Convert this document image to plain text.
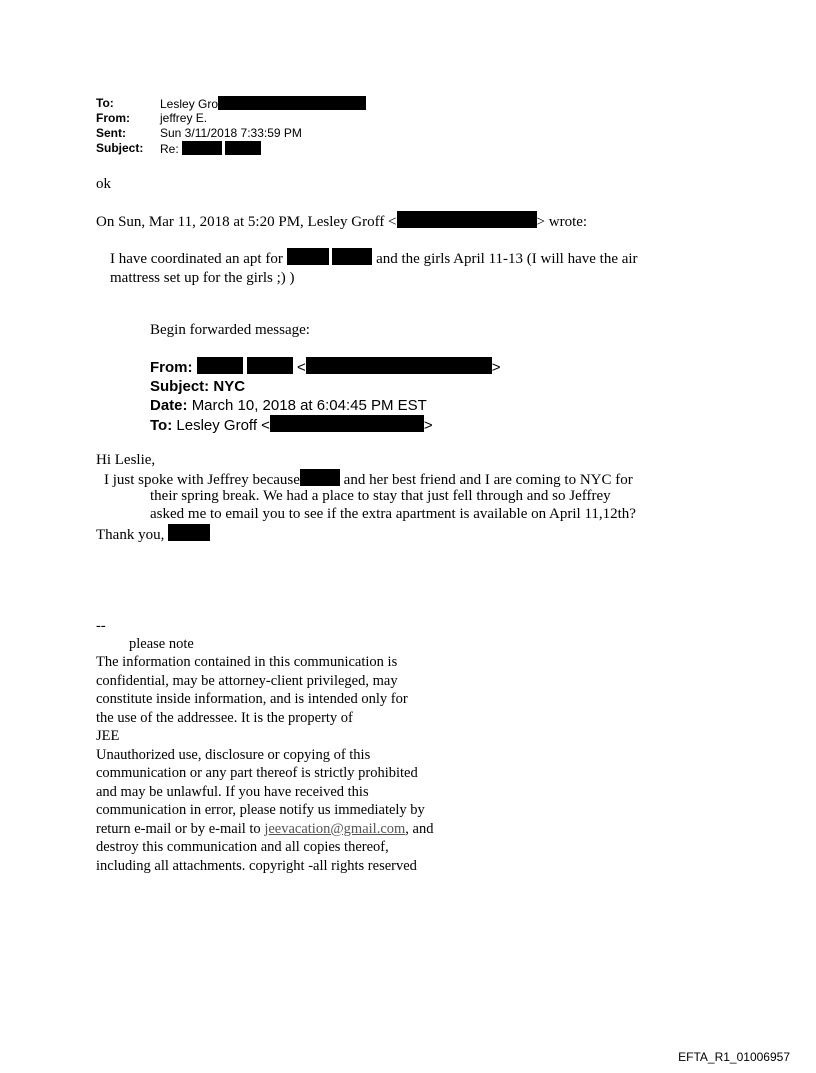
To:	Lesley Gro
From:	jeffrey E.
Sent:	Sun 3/11/2018 7:33:59 PM
Subject: Re:
ok
On Sun, Mar 11, 2018 at 5:20 PM, Lesley Groff <	> wrote:
I have coordinated an apt for	and the girls April 11-13 (I will have the air
mattress set up for the girls ;) )
Begin forwarded message:
From:	<	>
Subject: NYC
Date: March 10, 2018 at 6:04:45 PM EST
To: Lesley Groff <	>
Hi Leslie,
I just spoke with Jeffrey because	and her best friend and I are coming to NYC for
their spring break. We had a place to stay that just fell through and so Jeffrey
asked me to email you to see if the extra apartment is available on April 11,12th?
Thank you,
--
please note
The information contained in this communication is
confidential, may be attorney-client privileged, may
constitute inside information, and is intended only for
the use of the addressee. It is the property of
JEE
Unauthorized use, disclosure or copying of this
communication or any part thereof is strictly prohibited
and may be unlawful. If you have received this
communication in error, please notify us immediately by
return e-mail or by e-mail to jeevacation@gmail.com, and
destroy this communication and all copies thereof,
including all attachments. copyright -all rights reserved
EFTA_R1_01006957
